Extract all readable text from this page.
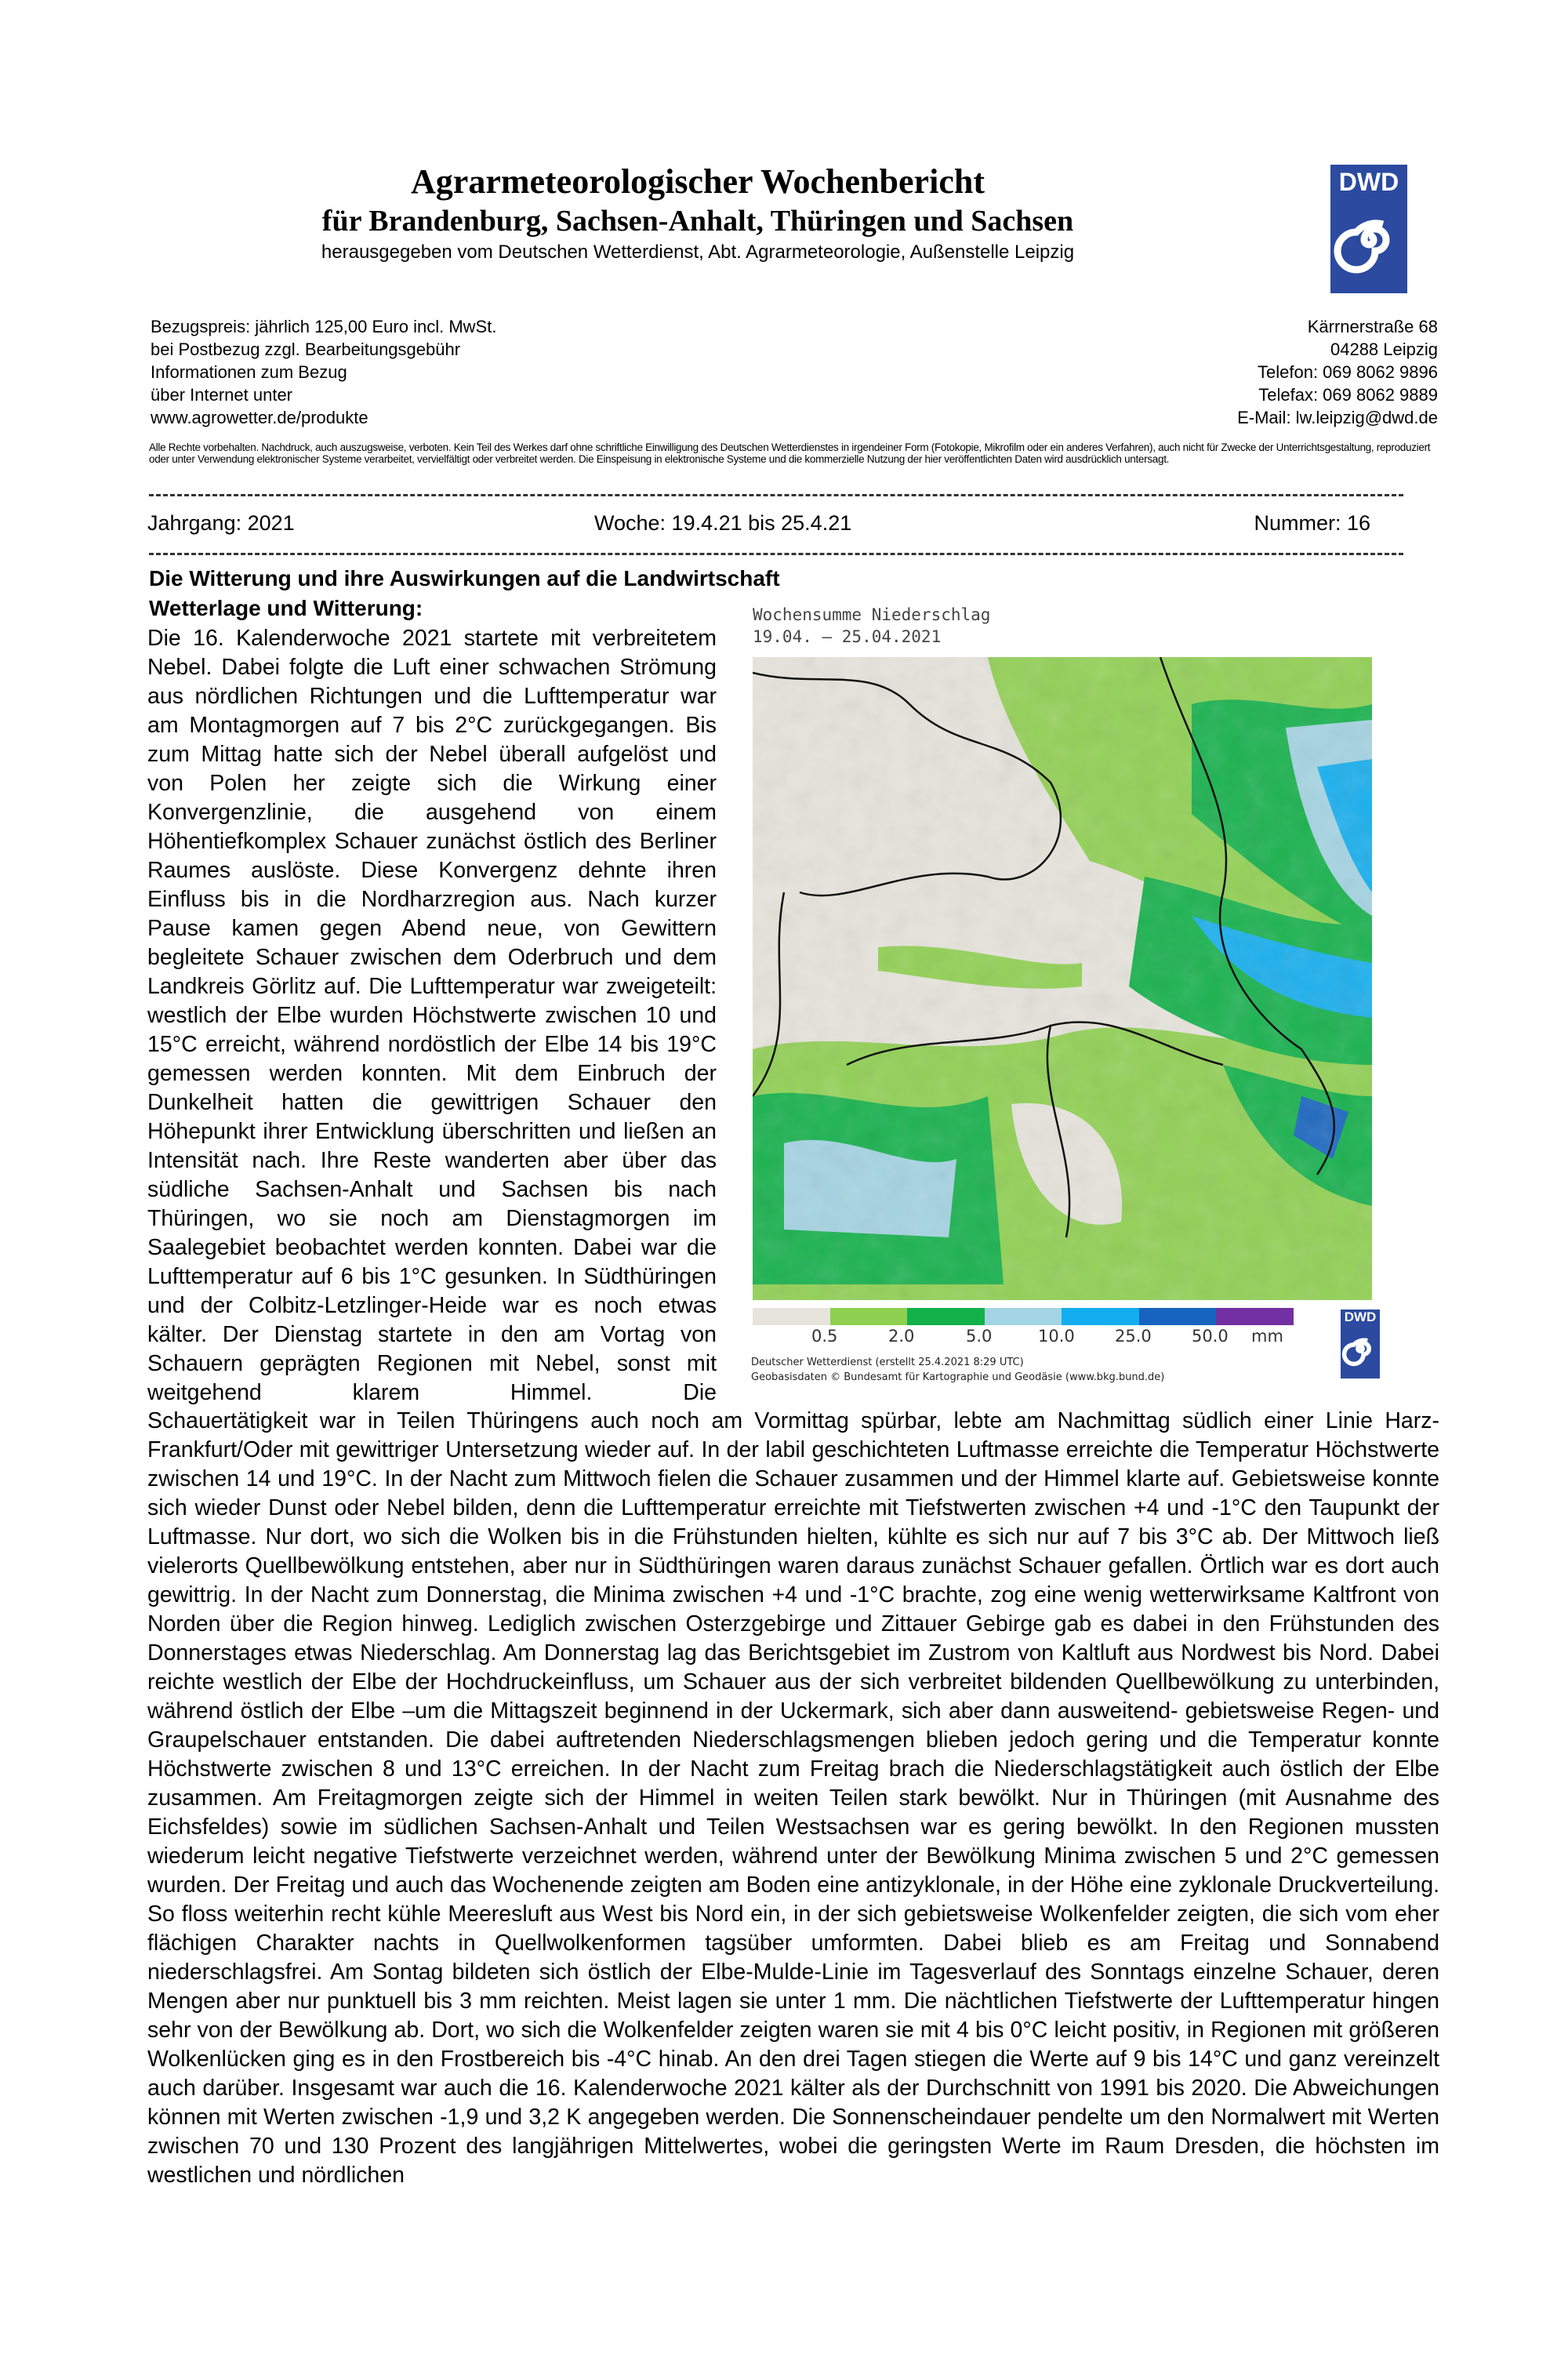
Agrarmeteorologischer Wochenbericht
für Brandenburg, Sachsen-Anhalt, Thüringen und Sachsen
herausgegeben vom Deutschen Wetterdienst, Abt. Agrarmeteorologie, Außenstelle Leipzig
DWD
Bezugspreis: jährlich 125,00 Euro incl. MwSt.
bei Postbezug zzgl. Bearbeitungsgebühr
Informationen zum Bezug
über Internet unter
www.agrowetter.de/produkte
Kärrnerstraße 68
04288 Leipzig
Telefon: 069 8062 9896
Telefax: 069 8062 9889
E-Mail: lw.leipzig@dwd.de
Alle Rechte vorbehalten. Nachdruck, auch auszugsweise, verboten. Kein Teil des Werkes darf ohne schriftliche Einwilligung des Deutschen Wetterdienstes in irgendeiner Form (Fotokopie, Mikrofilm oder ein anderes Verfahren), auch nicht für Zwecke der Unterrichtsgestaltung, reproduziert oder unter Verwendung elektronischer Systeme verarbeitet, vervielfältigt oder verbreitet werden. Die Einspeisung in elektronische Systeme und die kommerzielle Nutzung der hier veröffentlichten Daten wird ausdrücklich untersagt.
Jahrgang: 2021	Woche: 19.4.21 bis 25.4.21	Nummer: 16
Die Witterung und ihre Auswirkungen auf die Landwirtschaft
Wetterlage und Witterung:
Die 16. Kalenderwoche 2021 startete mit verbreitetem Nebel. Dabei folgte die Luft einer schwachen Strömung aus nördlichen Richtungen und die Lufttemperatur war am Montagmorgen auf 7 bis 2°C zurückgegangen. Bis zum Mittag hatte sich der Nebel überall aufgelöst und von Polen her zeigte sich die Wirkung einer Konvergenzlinie, die ausgehend von einem Höhentiefkomplex Schauer zunächst östlich des Berliner Raumes auslöste. Diese Konvergenz dehnte ihren Einfluss bis in die Nordharzregion aus. Nach kurzer Pause kamen gegen Abend neue, von Gewittern begleitete Schauer zwischen dem Oderbruch und dem Landkreis Görlitz auf. Die Lufttemperatur war zweigeteilt: westlich der Elbe wurden Höchstwerte zwischen 10 und 15°C erreicht, während nordöstlich der Elbe 14 bis 19°C gemessen werden konnten. Mit dem Einbruch der Dunkelheit hatten die gewittrigen Schauer den Höhepunkt ihrer Entwicklung überschritten und ließen an Intensität nach. Ihre Reste wanderten aber über das südliche Sachsen-Anhalt und Sachsen bis nach Thüringen, wo sie noch am Dienstagmorgen im Saalegebiet beobachtet werden konnten. Dabei war die Lufttemperatur auf 6 bis 1°C gesunken. In Südthüringen und der Colbitz-Letzlinger-Heide war es noch etwas kälter. Der Dienstag startete in den am Vortag von Schauern geprägten Regionen mit Nebel, sonst mit weitgehend klarem Himmel. Die
Schauertätigkeit war in Teilen Thüringens auch noch am Vormittag spürbar, lebte am Nachmittag südlich einer Linie Harz-Frankfurt/Oder mit gewittriger Untersetzung wieder auf. In der labil geschichteten Luftmasse erreichte die Temperatur Höchstwerte zwischen 14 und 19°C. In der Nacht zum Mittwoch fielen die Schauer zusammen und der Himmel klarte auf. Gebietsweise konnte sich wieder Dunst oder Nebel bilden, denn die Lufttemperatur erreichte mit Tiefstwerten zwischen +4 und -1°C den Taupunkt der Luftmasse. Nur dort, wo sich die Wolken bis in die Frühstunden hielten, kühlte es sich nur auf 7 bis 3°C ab. Der Mittwoch ließ vielerorts Quellbewölkung entstehen, aber nur in Südthüringen waren daraus zunächst Schauer gefallen. Örtlich war es dort auch gewittrig. In der Nacht zum Donnerstag, die Minima zwischen +4 und -1°C brachte, zog eine wenig wetterwirksame Kaltfront von Norden über die Region hinweg. Lediglich zwischen Osterzgebirge und Zittauer Gebirge gab es dabei in den Frühstunden des Donnerstages etwas Niederschlag. Am Donnerstag lag das Berichtsgebiet im Zustrom von Kaltluft aus Nordwest bis Nord. Dabei reichte westlich der Elbe der Hochdruckeinfluss, um Schauer aus der sich verbreitet bildenden Quellbewölkung zu unterbinden, während östlich der Elbe –um die Mittagszeit beginnend in der Uckermark, sich aber dann ausweitend- gebietsweise Regen- und Graupelschauer entstanden. Die dabei auftretenden Niederschlagsmengen blieben jedoch gering und die Temperatur konnte Höchstwerte zwischen 8 und 13°C erreichen. In der Nacht zum Freitag brach die Niederschlagstätigkeit auch östlich der Elbe zusammen. Am Freitagmorgen zeigte sich der Himmel in weiten Teilen stark bewölkt. Nur in Thüringen (mit Ausnahme des Eichsfeldes) sowie im südlichen Sachsen-Anhalt und Teilen Westsachsen war es gering bewölkt. In den Regionen mussten wiederum leicht negative Tiefstwerte verzeichnet werden, während unter der Bewölkung Minima zwischen 5 und 2°C gemessen wurden. Der Freitag und auch das Wochenende zeigten am Boden eine antizyklonale, in der Höhe eine zyklonale Druckverteilung. So floss weiterhin recht kühle Meeresluft aus West bis Nord ein, in der sich gebietsweise Wolkenfelder zeigten, die sich vom eher flächigen Charakter nachts in Quellwolkenformen tagsüber umformten. Dabei blieb es am Freitag und Sonnabend niederschlagsfrei. Am Sontag bildeten sich östlich der Elbe-Mulde-Linie im Tagesverlauf des Sonntags einzelne Schauer, deren Mengen aber nur punktuell bis 3 mm reichten. Meist lagen sie unter 1 mm. Die nächtlichen Tiefstwerte der Lufttemperatur hingen sehr von der Bewölkung ab. Dort, wo sich die Wolkenfelder zeigten waren sie mit 4 bis 0°C leicht positiv, in Regionen mit größeren Wolkenlücken ging es in den Frostbereich bis -4°C hinab. An den drei Tagen stiegen die Werte auf 9 bis 14°C und ganz vereinzelt auch darüber. Insgesamt war auch die 16. Kalenderwoche 2021 kälter als der Durchschnitt von 1991 bis 2020. Die Abweichungen können mit Werten zwischen -1,9 und 3,2 K angegeben werden. Die Sonnenscheindauer pendelte um den Normalwert mit Werten zwischen 70 und 130 Prozent des langjährigen Mittelwertes, wobei die geringsten Werte im Raum Dresden, die höchsten im westlichen und nördlichen
Wochensumme Niederschlag
19.04. – 25.04.2021
0.5	2.0	5.0	10.0 25.0 50.0 mm
Deutscher Wetterdienst (erstellt 25.4.2021 8:29 UTC)
Geobasisdaten © Bundesamt für Kartographie und Geodäsie (www.bkg.bund.de)
DWD
